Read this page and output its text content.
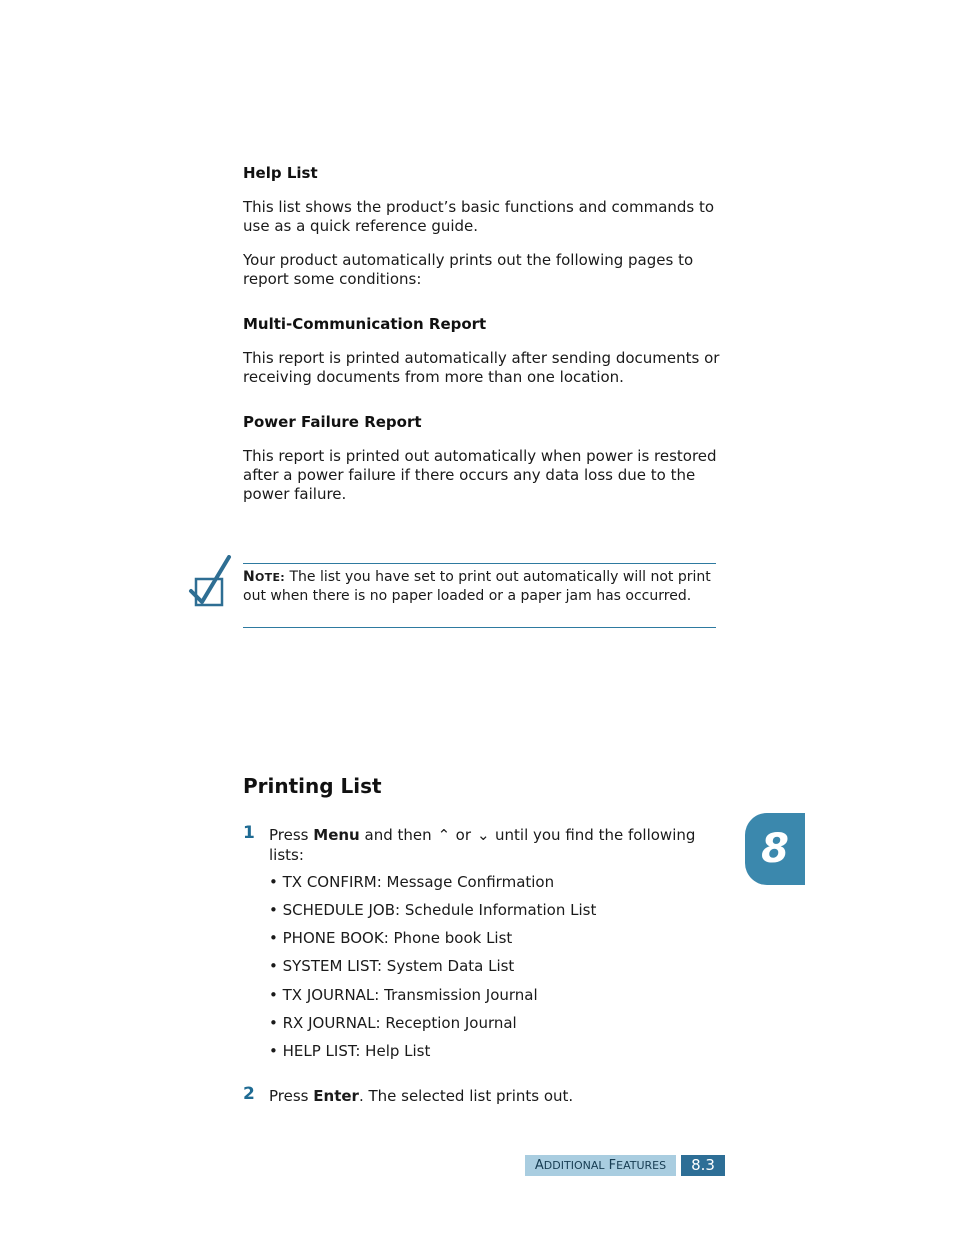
Help List
This list shows the product’s basic functions and commands to use as a quick reference guide.
Your product automatically prints out the following pages to report some conditions:
Multi-Communication Report
This report is printed automatically after sending documents or receiving documents from more than one location.
Power Failure Report
This report is printed out automatically when power is restored after a power failure if there occurs any data loss due to the power failure.
NOTE: The list you have set to print out automatically will not print out when there is no paper loaded or a paper jam has occurred.
Printing List
1 Press Menu and then ⌃ or ⌄ until you find the following lists:
• TX CONFIRM: Message Confirmation
• SCHEDULE JOB: Schedule Information List
• PHONE BOOK: Phone book List
• SYSTEM LIST: System Data List
• TX JOURNAL: Transmission Journal
• RX JOURNAL: Reception Journal
• HELP LIST: Help List
2 Press Enter. The selected list prints out.
8
ADDITIONAL FEATURES	8.3
